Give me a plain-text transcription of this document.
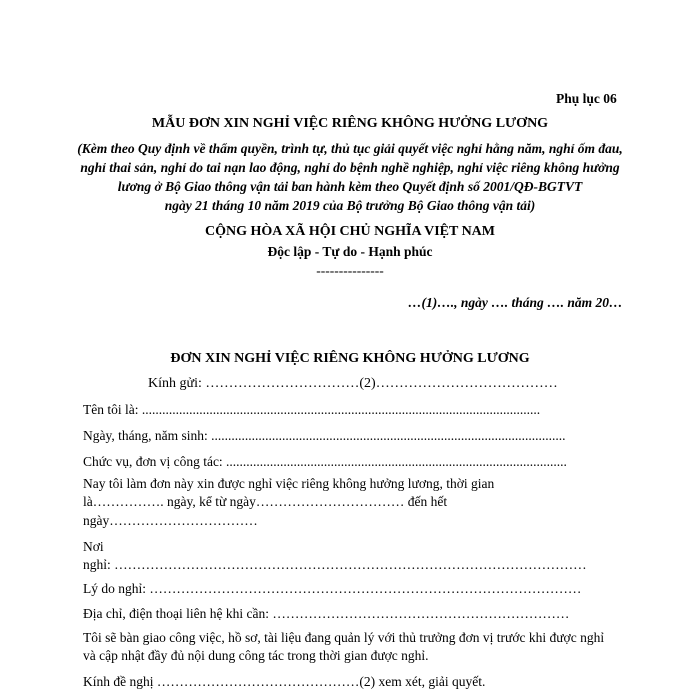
Phụ lục 06
MẪU ĐƠN XIN NGHỈ VIỆC RIÊNG KHÔNG HƯỞNG LƯƠNG
(Kèm theo Quy định về thẩm quyền, trình tự, thủ tục giải quyết việc nghỉ hằng năm, nghỉ ốm đau,
nghỉ thai sản, nghỉ do tai nạn lao động, nghỉ do bệnh nghề nghiệp, nghỉ việc riêng không hưởng
lương ở Bộ Giao thông vận tải ban hành kèm theo Quyết định số 2001/QĐ-BGTVT
ngày 21 tháng 10 năm 2019 của Bộ trưởng Bộ Giao thông vận tải)
CỘNG HÒA XÃ HỘI CHỦ NGHĨA VIỆT NAM
Độc lập - Tự do - Hạnh phúc
---------------
…(1)…., ngày …. tháng …. năm 20…
ĐƠN XIN NGHỈ VIỆC RIÊNG KHÔNG HƯỞNG LƯƠNG
Kính gửi: ……………………………(2)…………………………………
Tên tôi là: ......................................................................................................................
Ngày, tháng, năm sinh: .........................................................................................................
Chức vụ, đơn vị công tác: .....................................................................................................
Nay tôi làm đơn này xin được nghỉ việc riêng không hưởng lương, thời gian
là……………. ngày, kể từ ngày…………………………… đến hết
ngày……………………………
Nơi
nghỉ: ……………………………………………………………………………………………
Lý do nghỉ: ……………………………………………………………………………………
Địa chỉ, điện thoại liên hệ khi cần: …………………………………………………………
Tôi sẽ bàn giao công việc, hồ sơ, tài liệu đang quản lý với thủ trưởng đơn vị trước khi được nghỉ
và cập nhật đầy đủ nội dung công tác trong thời gian được nghỉ.
Kính đề nghị ………………………………………(2) xem xét, giải quyết.
